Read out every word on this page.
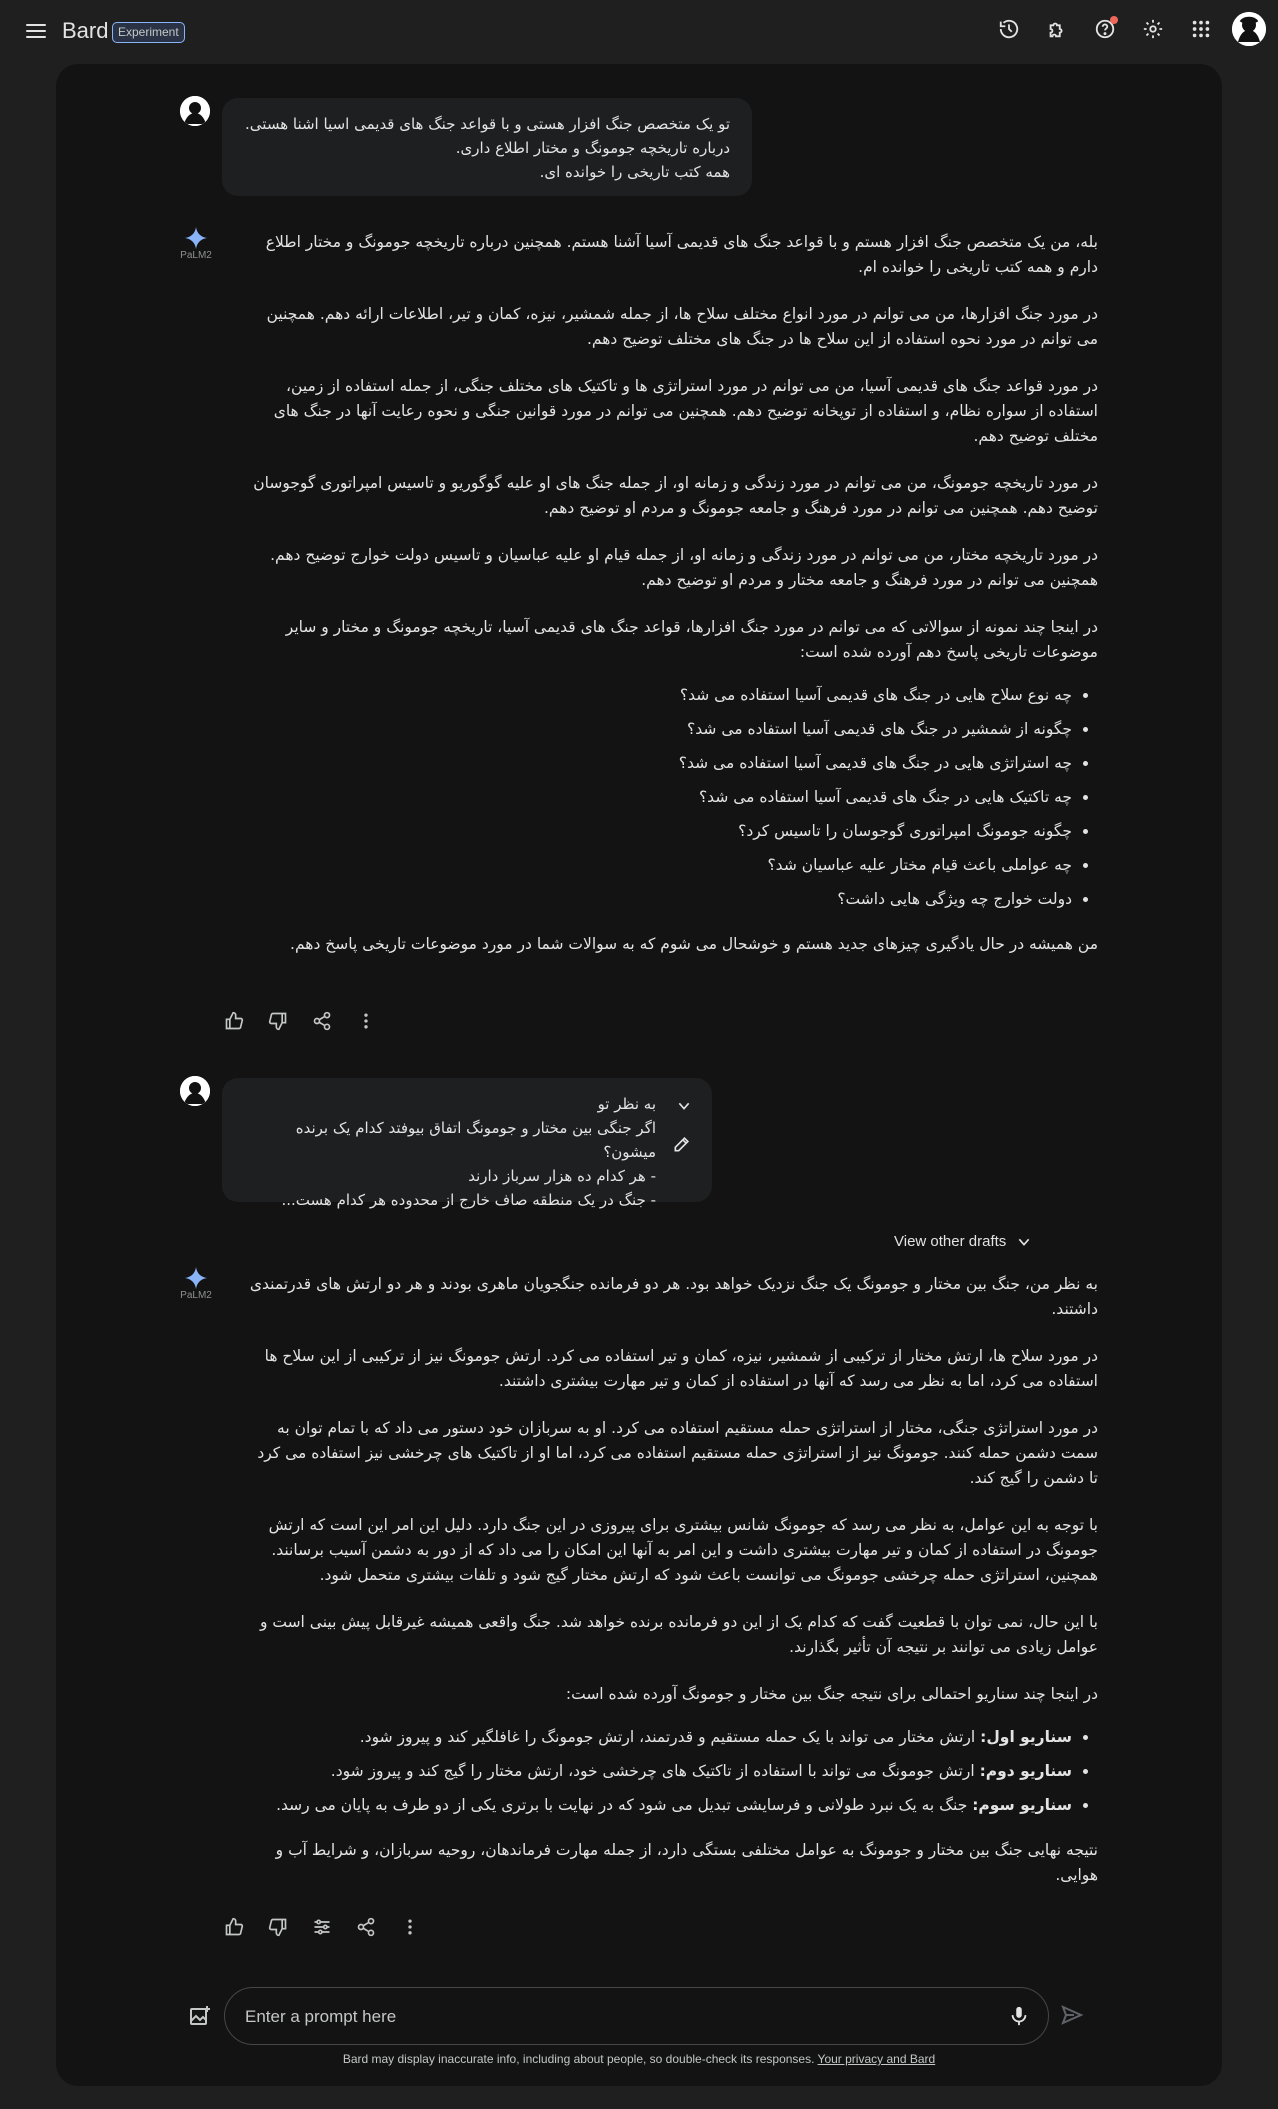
Bard Experiment
تو یک متخصص جنگ افزار هستی و با قواعد جنگ های قدیمی اسیا اشنا هستی.
درباره تاریخچه جومونگ و مختار اطلاع داری.
همه کتب تاریخی را خوانده ای.
PaLM2

بله، من یک متخصص جنگ افزار هستم و با قواعد جنگ های قدیمی آسیا آشنا هستم. همچنین درباره تاریخچه جومونگ و مختار اطلاع دارم و همه کتب تاریخی را خوانده ام.

در مورد جنگ افزارها، من می توانم در مورد انواع مختلف سلاح ها، از جمله شمشیر، نیزه، کمان و تیر، اطلاعات ارائه دهم. همچنین می توانم در مورد نحوه استفاده از این سلاح ها در جنگ های مختلف توضیح دهم.

در مورد قواعد جنگ های قدیمی آسیا، من می توانم در مورد استراتژی ها و تاکتیک های مختلف جنگی، از جمله استفاده از زمین، استفاده از سواره نظام، و استفاده از توپخانه توضیح دهم. همچنین می توانم در مورد قوانین جنگی و نحوه رعایت آنها در جنگ های مختلف توضیح دهم.

در مورد تاریخچه جومونگ، من می توانم در مورد زندگی و زمانه او، از جمله جنگ های او علیه گوگوریو و تاسیس امپراتوری گوجوسان توضیح دهم. همچنین می توانم در مورد فرهنگ و جامعه جومونگ و مردم او توضیح دهم.

در مورد تاریخچه مختار، من می توانم در مورد زندگی و زمانه او، از جمله قیام او علیه عباسیان و تاسیس دولت خوارج توضیح دهم. همچنین می توانم در مورد فرهنگ و جامعه مختار و مردم او توضیح دهم.

در اینجا چند نمونه از سوالاتی که می توانم در مورد جنگ افزارها، قواعد جنگ های قدیمی آسیا، تاریخچه جومونگ و مختار و سایر موضوعات تاریخی پاسخ دهم آورده شده است:

• چه نوع سلاح هایی در جنگ های قدیمی آسیا استفاده می شد؟
• چگونه از شمشیر در جنگ های قدیمی آسیا استفاده می شد؟
• چه استراتژی هایی در جنگ های قدیمی آسیا استفاده می شد؟
• چه تاکتیک هایی در جنگ های قدیمی آسیا استفاده می شد؟
• چگونه جومونگ امپراتوری گوجوسان را تاسیس کرد؟
• چه عواملی باعث قیام مختار علیه عباسیان شد؟
• دولت خوارج چه ویژگی هایی داشت؟

من همیشه در حال یادگیری چیزهای جدید هستم و خوشحال می شوم که به سوالات شما در مورد موضوعات تاریخی پاسخ دهم.

به نظر تو
اگر جنگی بین مختار و جومونگ اتفاق بیوفتد کدام یک برنده میشون؟
- هر کدام ده هزار سرباز دارند
- جنگ در یک منطقه صاف خارج از محدوده هر کدام هست...
View other drafts
PaLM2

به نظر من، جنگ بین مختار و جومونگ یک جنگ نزدیک خواهد بود. هر دو فرمانده جنگجویان ماهری بودند و هر دو ارتش های قدرتمندی داشتند.

در مورد سلاح ها، ارتش مختار از ترکیبی از شمشیر، نیزه، کمان و تیر استفاده می کرد. ارتش جومونگ نیز از ترکیبی از این سلاح ها استفاده می کرد، اما به نظر می رسد که آنها در استفاده از کمان و تیر مهارت بیشتری داشتند.

در مورد استراتژی جنگی، مختار از استراتژی حمله مستقیم استفاده می کرد. او به سربازان خود دستور می داد که با تمام توان به سمت دشمن حمله کنند. جومونگ نیز از استراتژی حمله مستقیم استفاده می کرد، اما او از تاکتیک های چرخشی نیز استفاده می کرد تا دشمن را گیج کند.

با توجه به این عوامل، به نظر می رسد که جومونگ شانس بیشتری برای پیروزی در این جنگ دارد. دلیل این امر این است که ارتش جومونگ در استفاده از کمان و تیر مهارت بیشتری داشت و این امر به آنها این امکان را می داد که از دور به دشمن آسیب برسانند. همچنین، استراتژی حمله چرخشی جومونگ می توانست باعث شود که ارتش مختار گیج شود و تلفات بیشتری متحمل شود.

با این حال، نمی توان با قطعیت گفت که کدام یک از این دو فرمانده برنده خواهد شد. جنگ واقعی همیشه غیرقابل پیش بینی است و عوامل زیادی می توانند بر نتیجه آن تأثیر بگذارند.

در اینجا چند سناریو احتمالی برای نتیجه جنگ بین مختار و جومونگ آورده شده است:

• سناریو اول: ارتش مختار می تواند با یک حمله مستقیم و قدرتمند، ارتش جومونگ را غافلگیر کند و پیروز شود.
• سناریو دوم: ارتش جومونگ می تواند با استفاده از تاکتیک های چرخشی خود، ارتش مختار را گیج کند و پیروز شود.
• سناریو سوم: جنگ به یک نبرد طولانی و فرسایشی تبدیل می شود که در نهایت با برتری یکی از دو طرف به پایان می رسد.

نتیجه نهایی جنگ بین مختار و جومونگ به عوامل مختلفی بستگی دارد، از جمله مهارت فرماندهان، روحیه سربازان، و شرایط آب و هوایی.

Enter a prompt here
Bard may display inaccurate info, including about people, so double-check its responses. Your privacy and Bard
